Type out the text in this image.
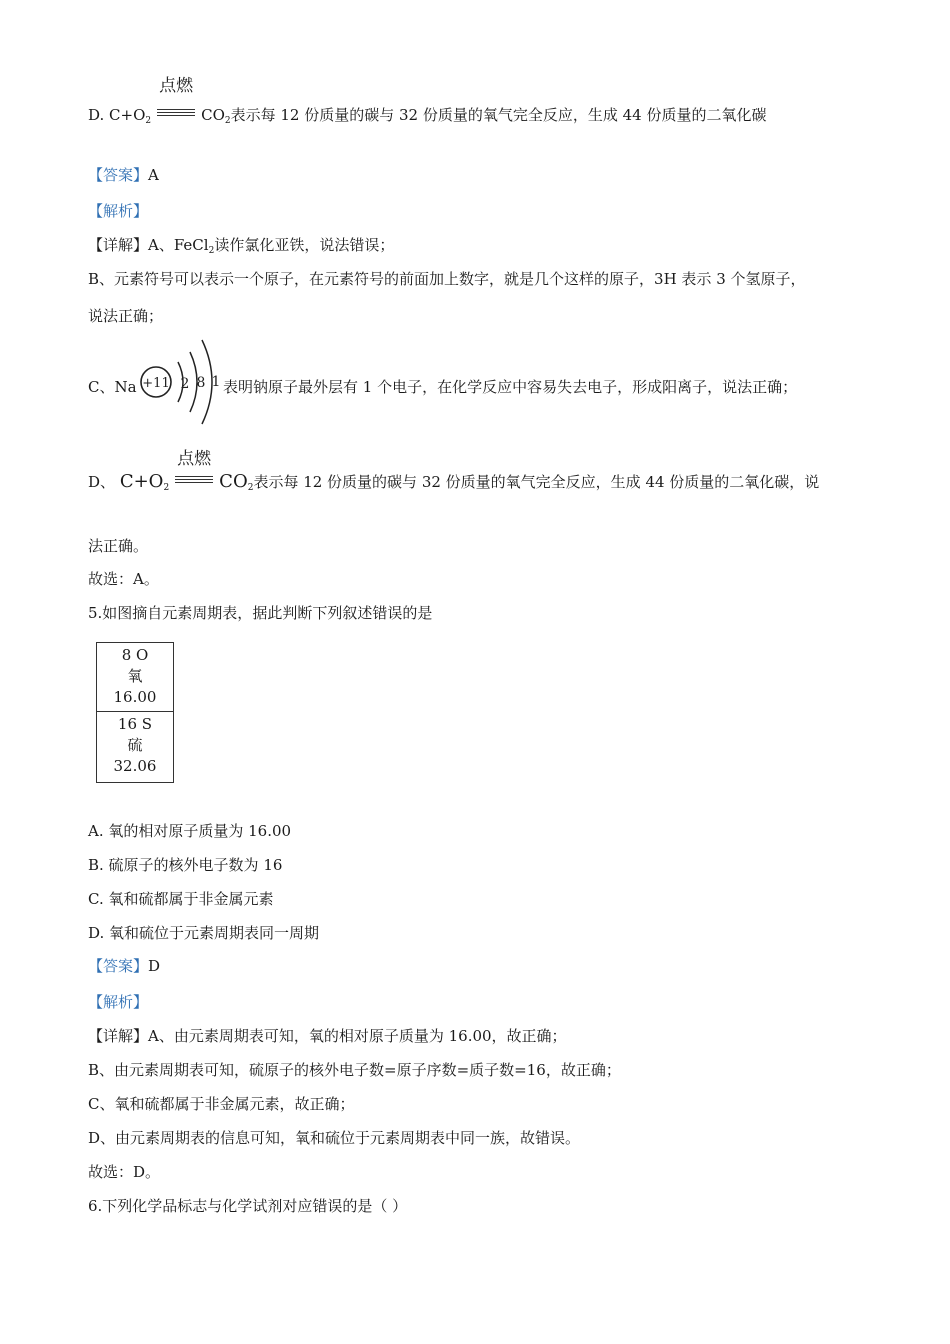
D. $C+O_2$
点燃
$CO_2$表示每 12 份质量的碳与 32 份质量的氧气完全反应，生成 44 份质量的二氧化碳
【答案】A
【解析】
【详解】A、FeCl$_2$读作氯化亚铁，说法错误；
B、元素符号可以表示一个原子，在元素符号的前面加上数字，就是几个这样的原子，3H 表示 3 个氢原子，
说法正确；
C、Na +11 2 8 1 表明钠原子最外层有 1 个电子，在化学反应中容易失去电子，形成阳离子，说法正确；
D、 $C+O_2$
点燃
$CO_2$表示每 12 份质量的碳与 32 份质量的氧气完全反应，生成 44 份质量的二氧化碳，说
法正确。
故选：A。
5.如图摘自元素周期表，据此判断下列叙述错误的是
8 O
氧
16.00
16 S
硫
32.06
A. 氧的相对原子质量为 16.00
B. 硫原子的核外电子数为 16
C. 氧和硫都属于非金属元素
D. 氧和硫位于元素周期表同一周期
【答案】D
【解析】
【详解】A、由元素周期表可知，氧的相对原子质量为 16.00，故正确；
B、由元素周期表可知，硫原子的核外电子数=原子序数=质子数=16，故正确；
C、氧和硫都属于非金属元素，故正确；
D、由元素周期表的信息可知，氧和硫位于元素周期表中同一族，故错误。
故选：D。
6.下列化学品标志与化学试剂对应错误的是（ ）
